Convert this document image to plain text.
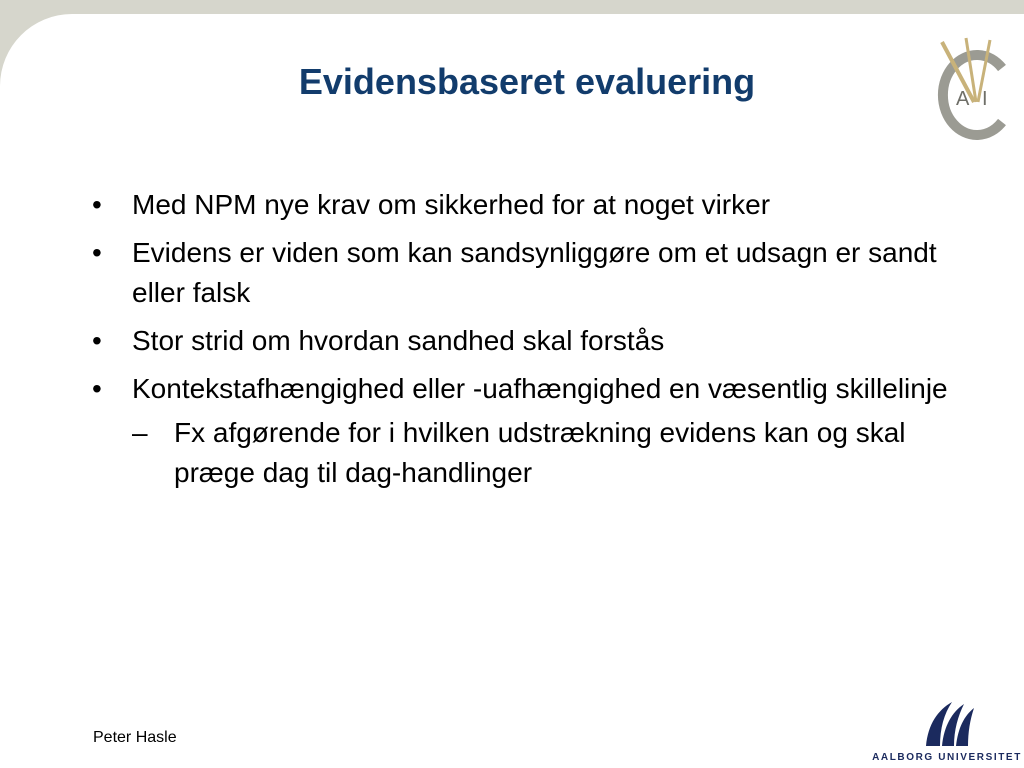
Evidensbaseret evaluering	A I
•	Med NPM nye krav om sikkerhed for at noget virker
•	Evidens er viden som kan sandsynliggøre om et udsagn er sandt eller falsk
•	Stor strid om hvordan sandhed skal forstås
•	Kontekstafhængighed eller -uafhængighed en væsentlig skillelinje
– Fx afgørende for i hvilken udstrækning evidens kan og skal præge dag til dag-handlinger
Peter Hasle
AALBORG UNIVERSITET
